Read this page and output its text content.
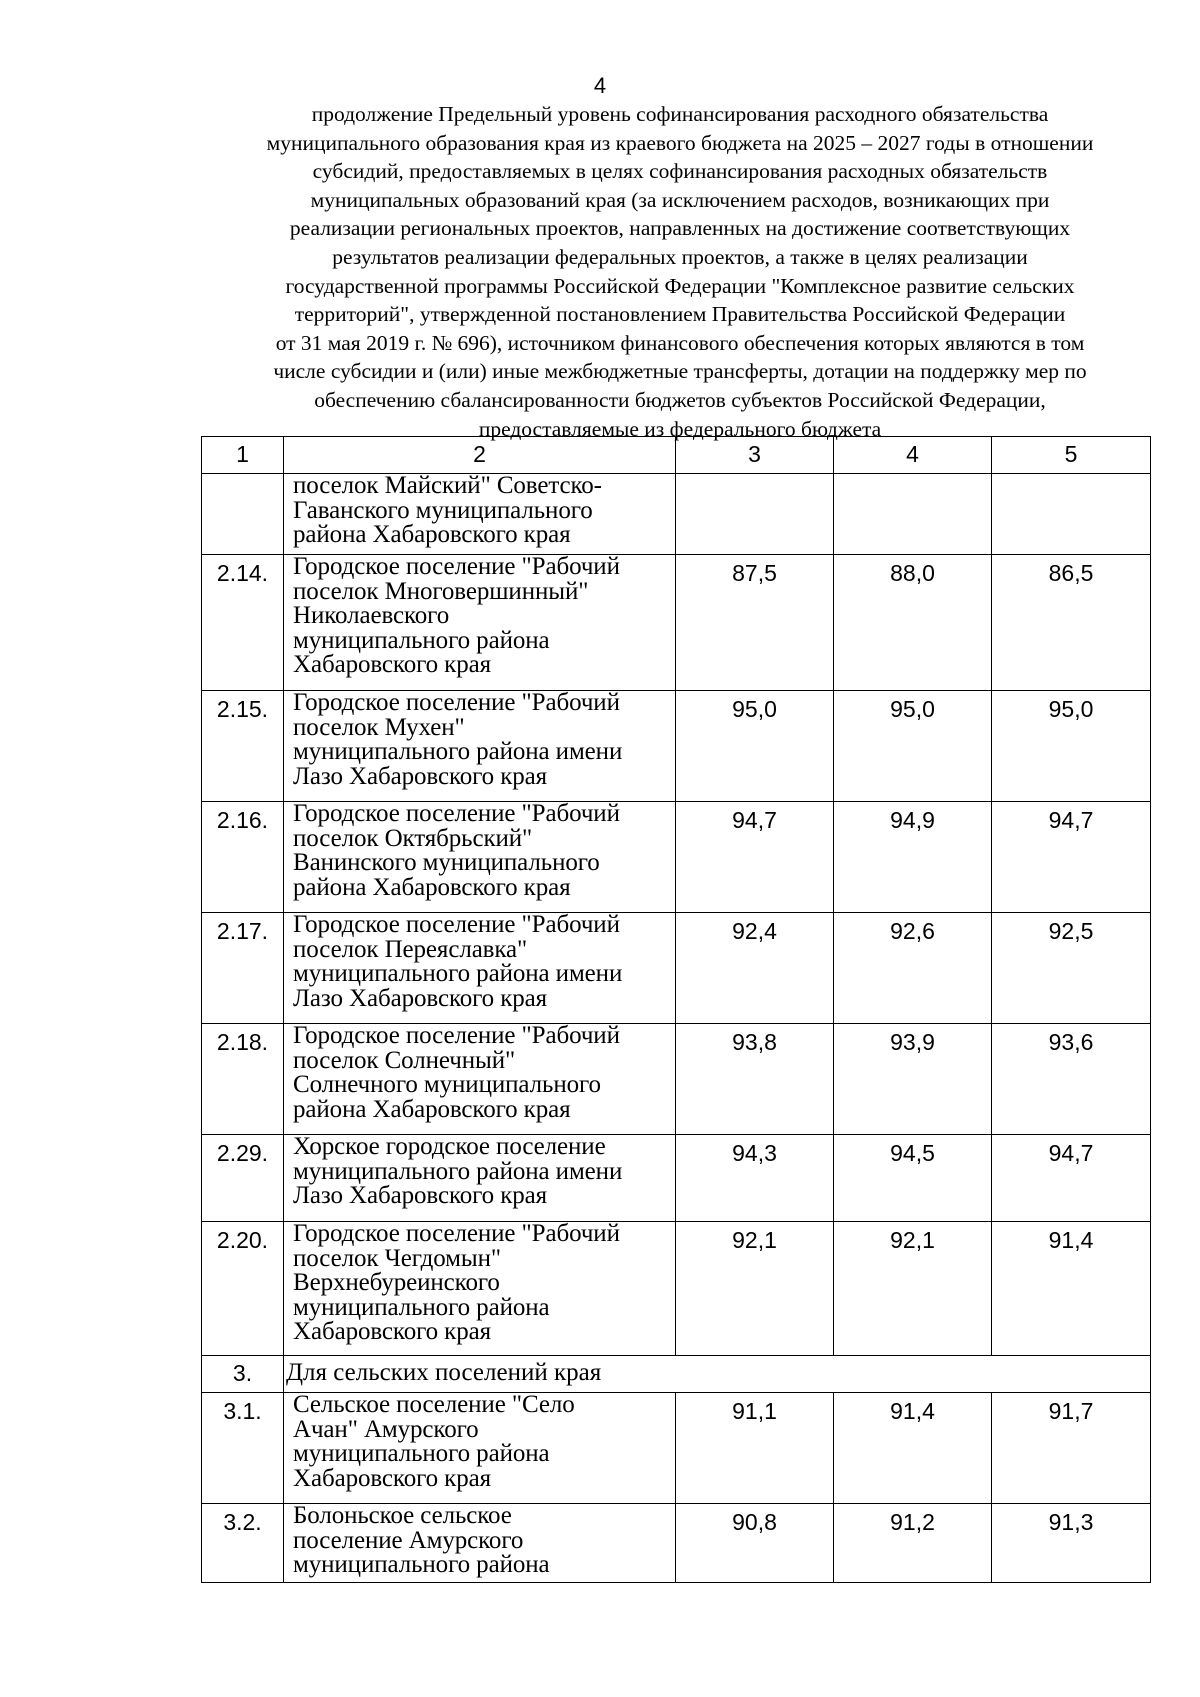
4
продолжение Предельный уровень софинансирования расходного обязательства
муниципального образования края из краевого бюджета на 2025 – 2027 годы в отношении
субсидий, предоставляемых в целях софинансирования расходных обязательств
муниципальных образований края (за исключением расходов, возникающих при
реализации региональных проектов, направленных на достижение соответствующих
результатов реализации федеральных проектов, а также в целях реализации
государственной программы Российской Федерации "Комплексное развитие сельских
территорий", утвержденной постановлением Правительства Российской Федерации
от 31 мая 2019 г. № 696), источником финансового обеспечения которых являются в том
числе субсидии и (или) иные межбюджетные трансферты, дотации на поддержку мер по
обеспечению сбалансированности бюджетов субъектов Российской Федерации,
предоставляемые из федерального бюджета
1	2	3	4	5
	поселок Майский" Советско-
Гаванского муниципального
района Хабаровского края			
2.14.	Городское поселение "Рабочий
поселок Многовершинный"
Николаевского
муниципального района
Хабаровского края	87,5	88,0	86,5
2.15.	Городское поселение "Рабочий
поселок Мухен"
муниципального района имени
Лазо Хабаровского края	95,0	95,0	95,0
2.16.	Городское поселение "Рабочий
поселок Октябрьский"
Ванинского муниципального
района Хабаровского края	94,7	94,9	94,7
2.17.	Городское поселение "Рабочий
поселок Переяславка"
муниципального района имени
Лазо Хабаровского края	92,4	92,6	92,5
2.18.	Городское поселение "Рабочий
поселок Солнечный"
Солнечного муниципального
района Хабаровского края	93,8	93,9	93,6
2.29.	Хорское городское поселение
муниципального района имени
Лазо Хабаровского края	94,3	94,5	94,7
2.20.	Городское поселение "Рабочий
поселок Чегдомын"
Верхнебуреинского
муниципального района
Хабаровского края	92,1	92,1	91,4
3.	Для сельских поселений края			
3.1.	Сельское поселение "Село
Ачан" Амурского
муниципального района
Хабаровского края	91,1	91,4	91,7
3.2.	Болоньское сельское
поселение Амурского
муниципального района	90,8	91,2	91,3
